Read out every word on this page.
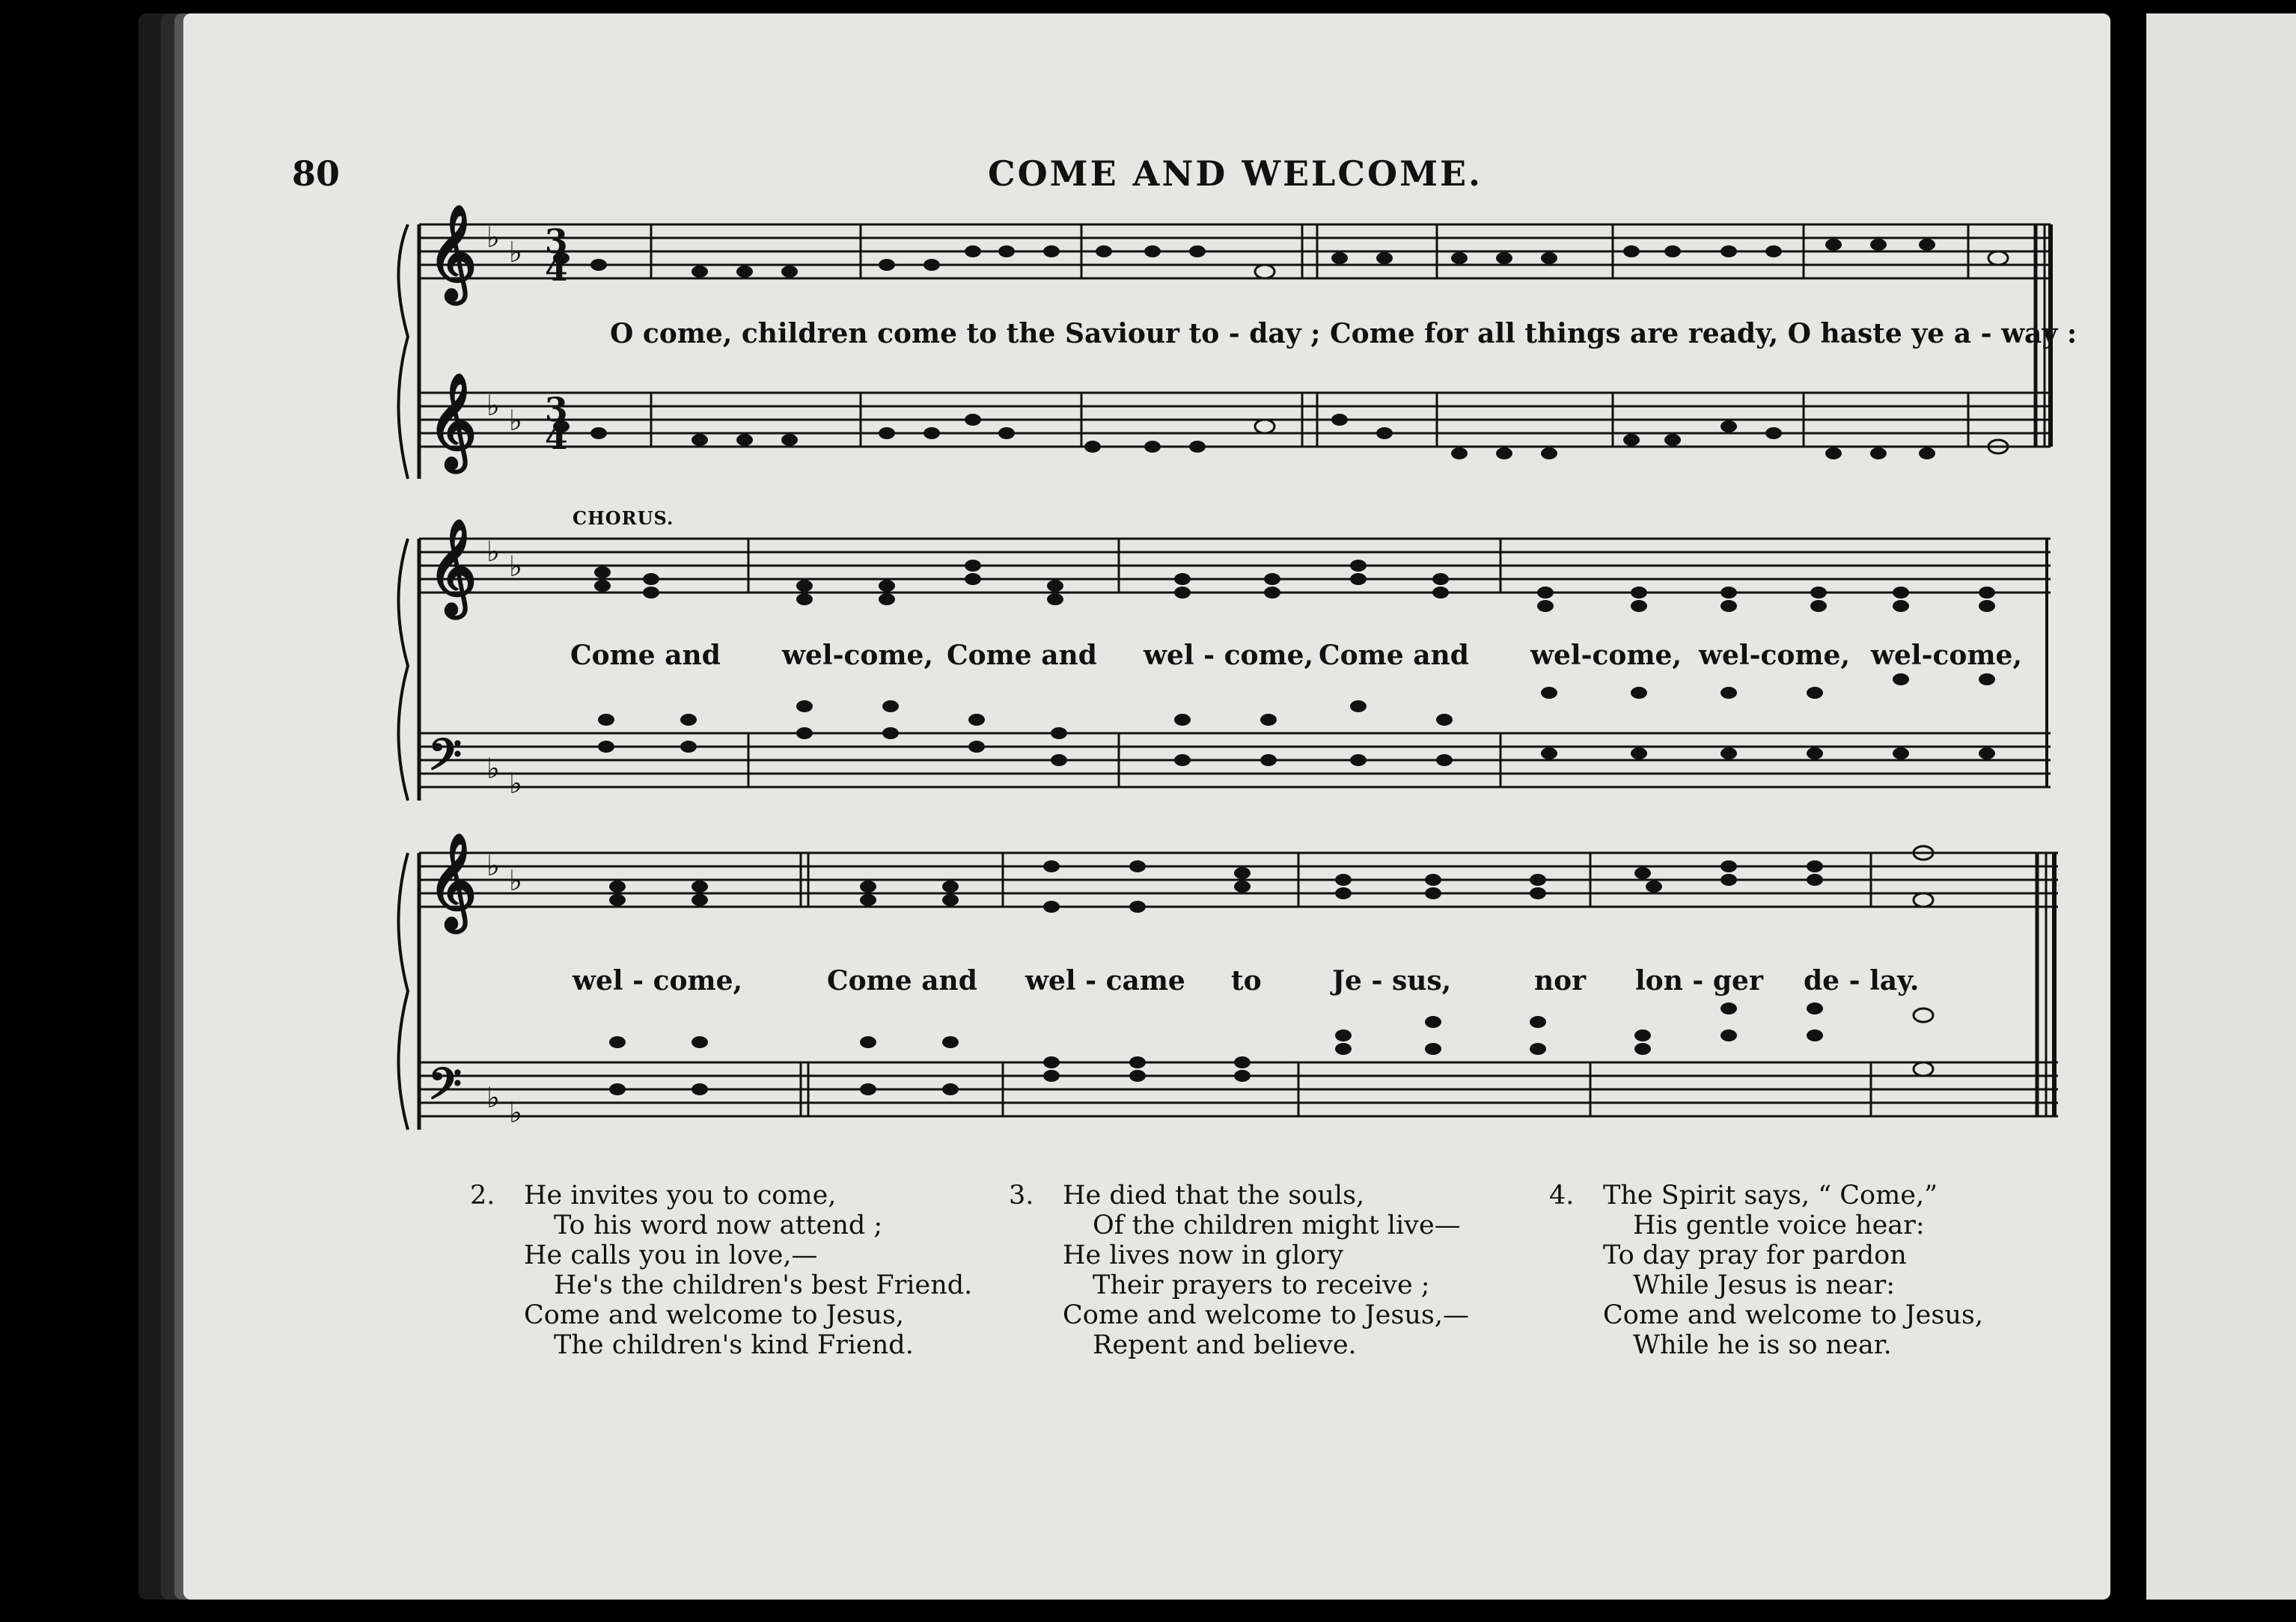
80	COME AND WELCOME.
𝄞
𝄞
𝄞
𝄢
𝄞
𝄢
♭ ♭
♭ ♭
♭ ♭
♭ ♭
♭ ♭
♭ ♭
3
4
3
4
O come, children come to the Saviour to - day ; Come for all things are ready, O haste ye a - way :
CHORUS.
Come and wel-come, Come and wel - come, Come and wel-come, wel-come, wel-come,
wel - come,	Come and wel - came to	Je - sus,	nor lon - ger de - lay.
2. He invites you to come,
To his word now attend ;
He calls you in love,—
He's the children's best Friend.
Come and welcome to Jesus,
The children's kind Friend.
3. He died that the souls,
Of the children might live—
He lives now in glory
Their prayers to receive ;
Come and welcome to Jesus,—
Repent and believe.
4. The Spirit says, “ Come,”
His gentle voice hear:
To day pray for pardon
While Jesus is near:
Come and welcome to Jesus,
While he is so near.
